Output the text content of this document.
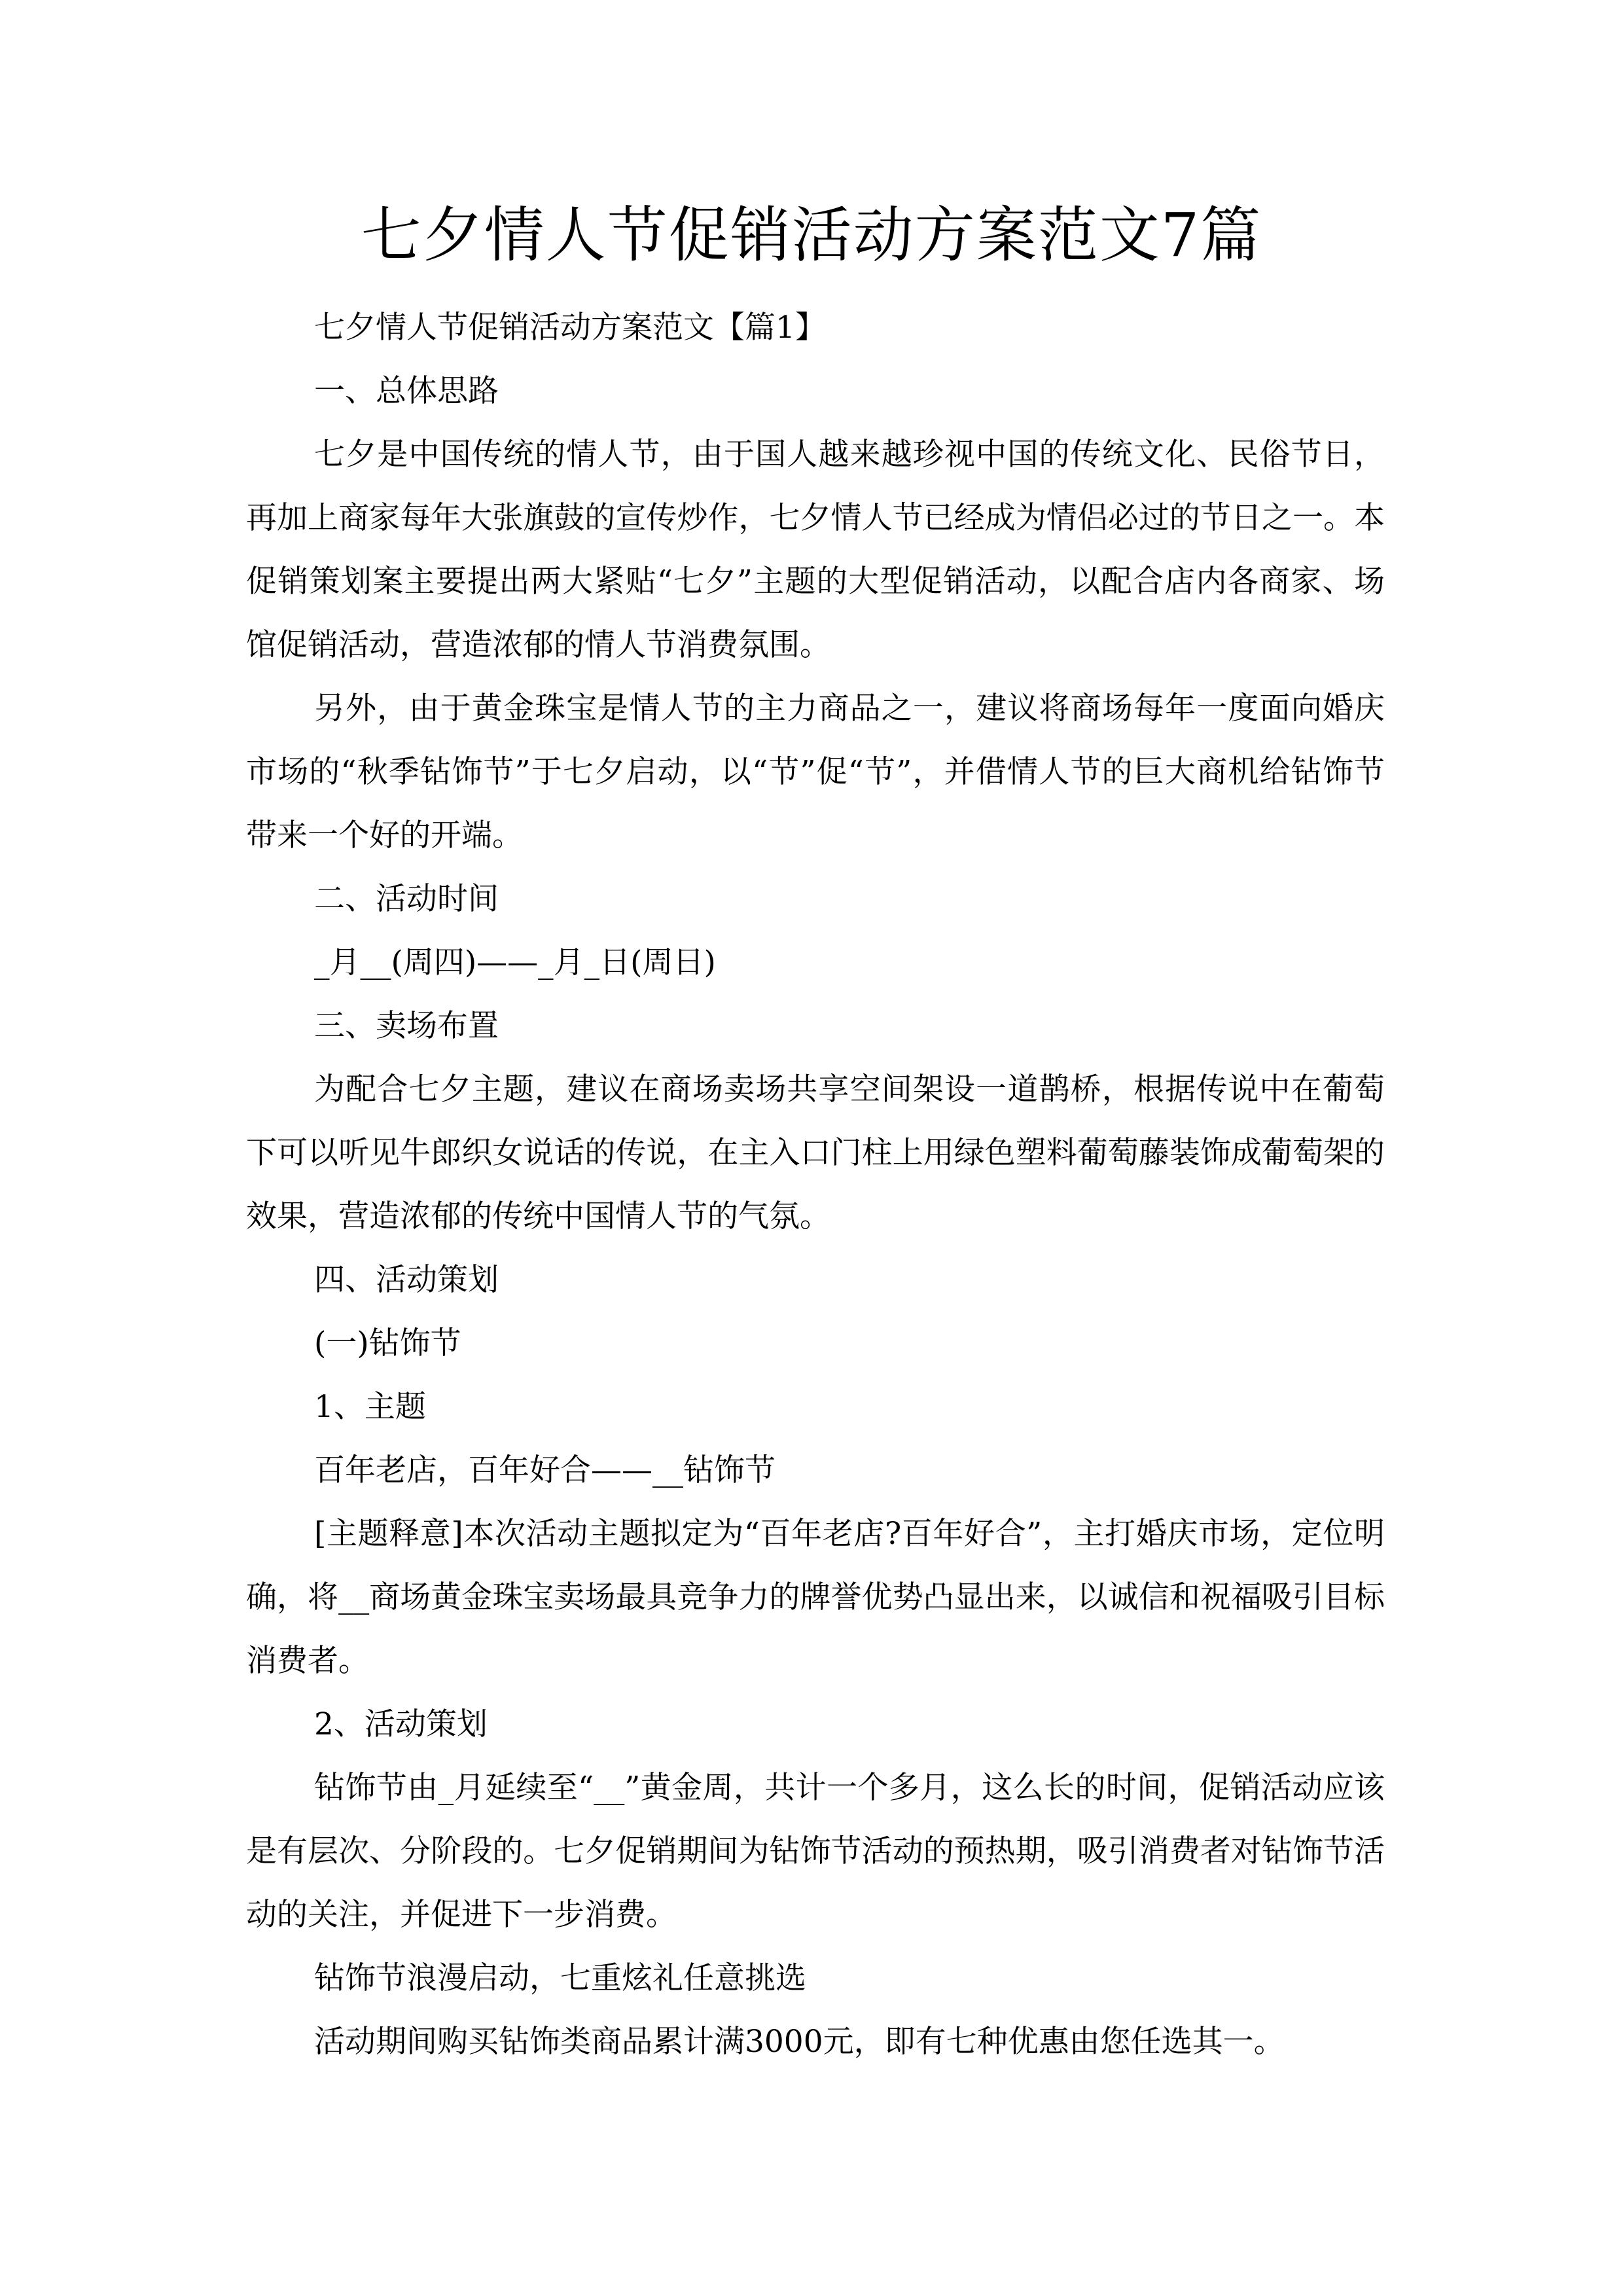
七夕情人节促销活动方案范文7篇

七夕情人节促销活动方案范文【篇1】

一、总体思路

七夕是中国传统的情人节，由于国人越来越珍视中国的传统文化、民俗节日，再加上商家每年大张旗鼓的宣传炒作，七夕情人节已经成为情侣必过的节日之一。本促销策划案主要提出两大紧贴“七夕”主题的大型促销活动，以配合店内各商家、场馆促销活动，营造浓郁的情人节消费氛围。

另外，由于黄金珠宝是情人节的主力商品之一，建议将商场每年一度面向婚庆市场的“秋季钻饰节”于七夕启动，以“节”促“节”，并借情人节的巨大商机给钻饰节带来一个好的开端。

二、活动时间

_月__(周四)——_月_日(周日)

三、卖场布置

为配合七夕主题，建议在商场卖场共享空间架设一道鹊桥，根据传说中在葡萄下可以听见牛郎织女说话的传说，在主入口门柱上用绿色塑料葡萄藤装饰成葡萄架的效果，营造浓郁的传统中国情人节的气氛。

四、活动策划

(一)钻饰节

1、主题

百年老店，百年好合——__钻饰节

[主题释意]本次活动主题拟定为“百年老店?百年好合”，主打婚庆市场，定位明确，将__商场黄金珠宝卖场最具竞争力的牌誉优势凸显出来，以诚信和祝福吸引目标消费者。

2、活动策划

钻饰节由_月延续至“__”黄金周，共计一个多月，这么长的时间，促销活动应该是有层次、分阶段的。七夕促销期间为钻饰节活动的预热期，吸引消费者对钻饰节活动的关注，并促进下一步消费。

钻饰节浪漫启动，七重炫礼任意挑选

活动期间购买钻饰类商品累计满3000元，即有七种优惠由您任选其一。
